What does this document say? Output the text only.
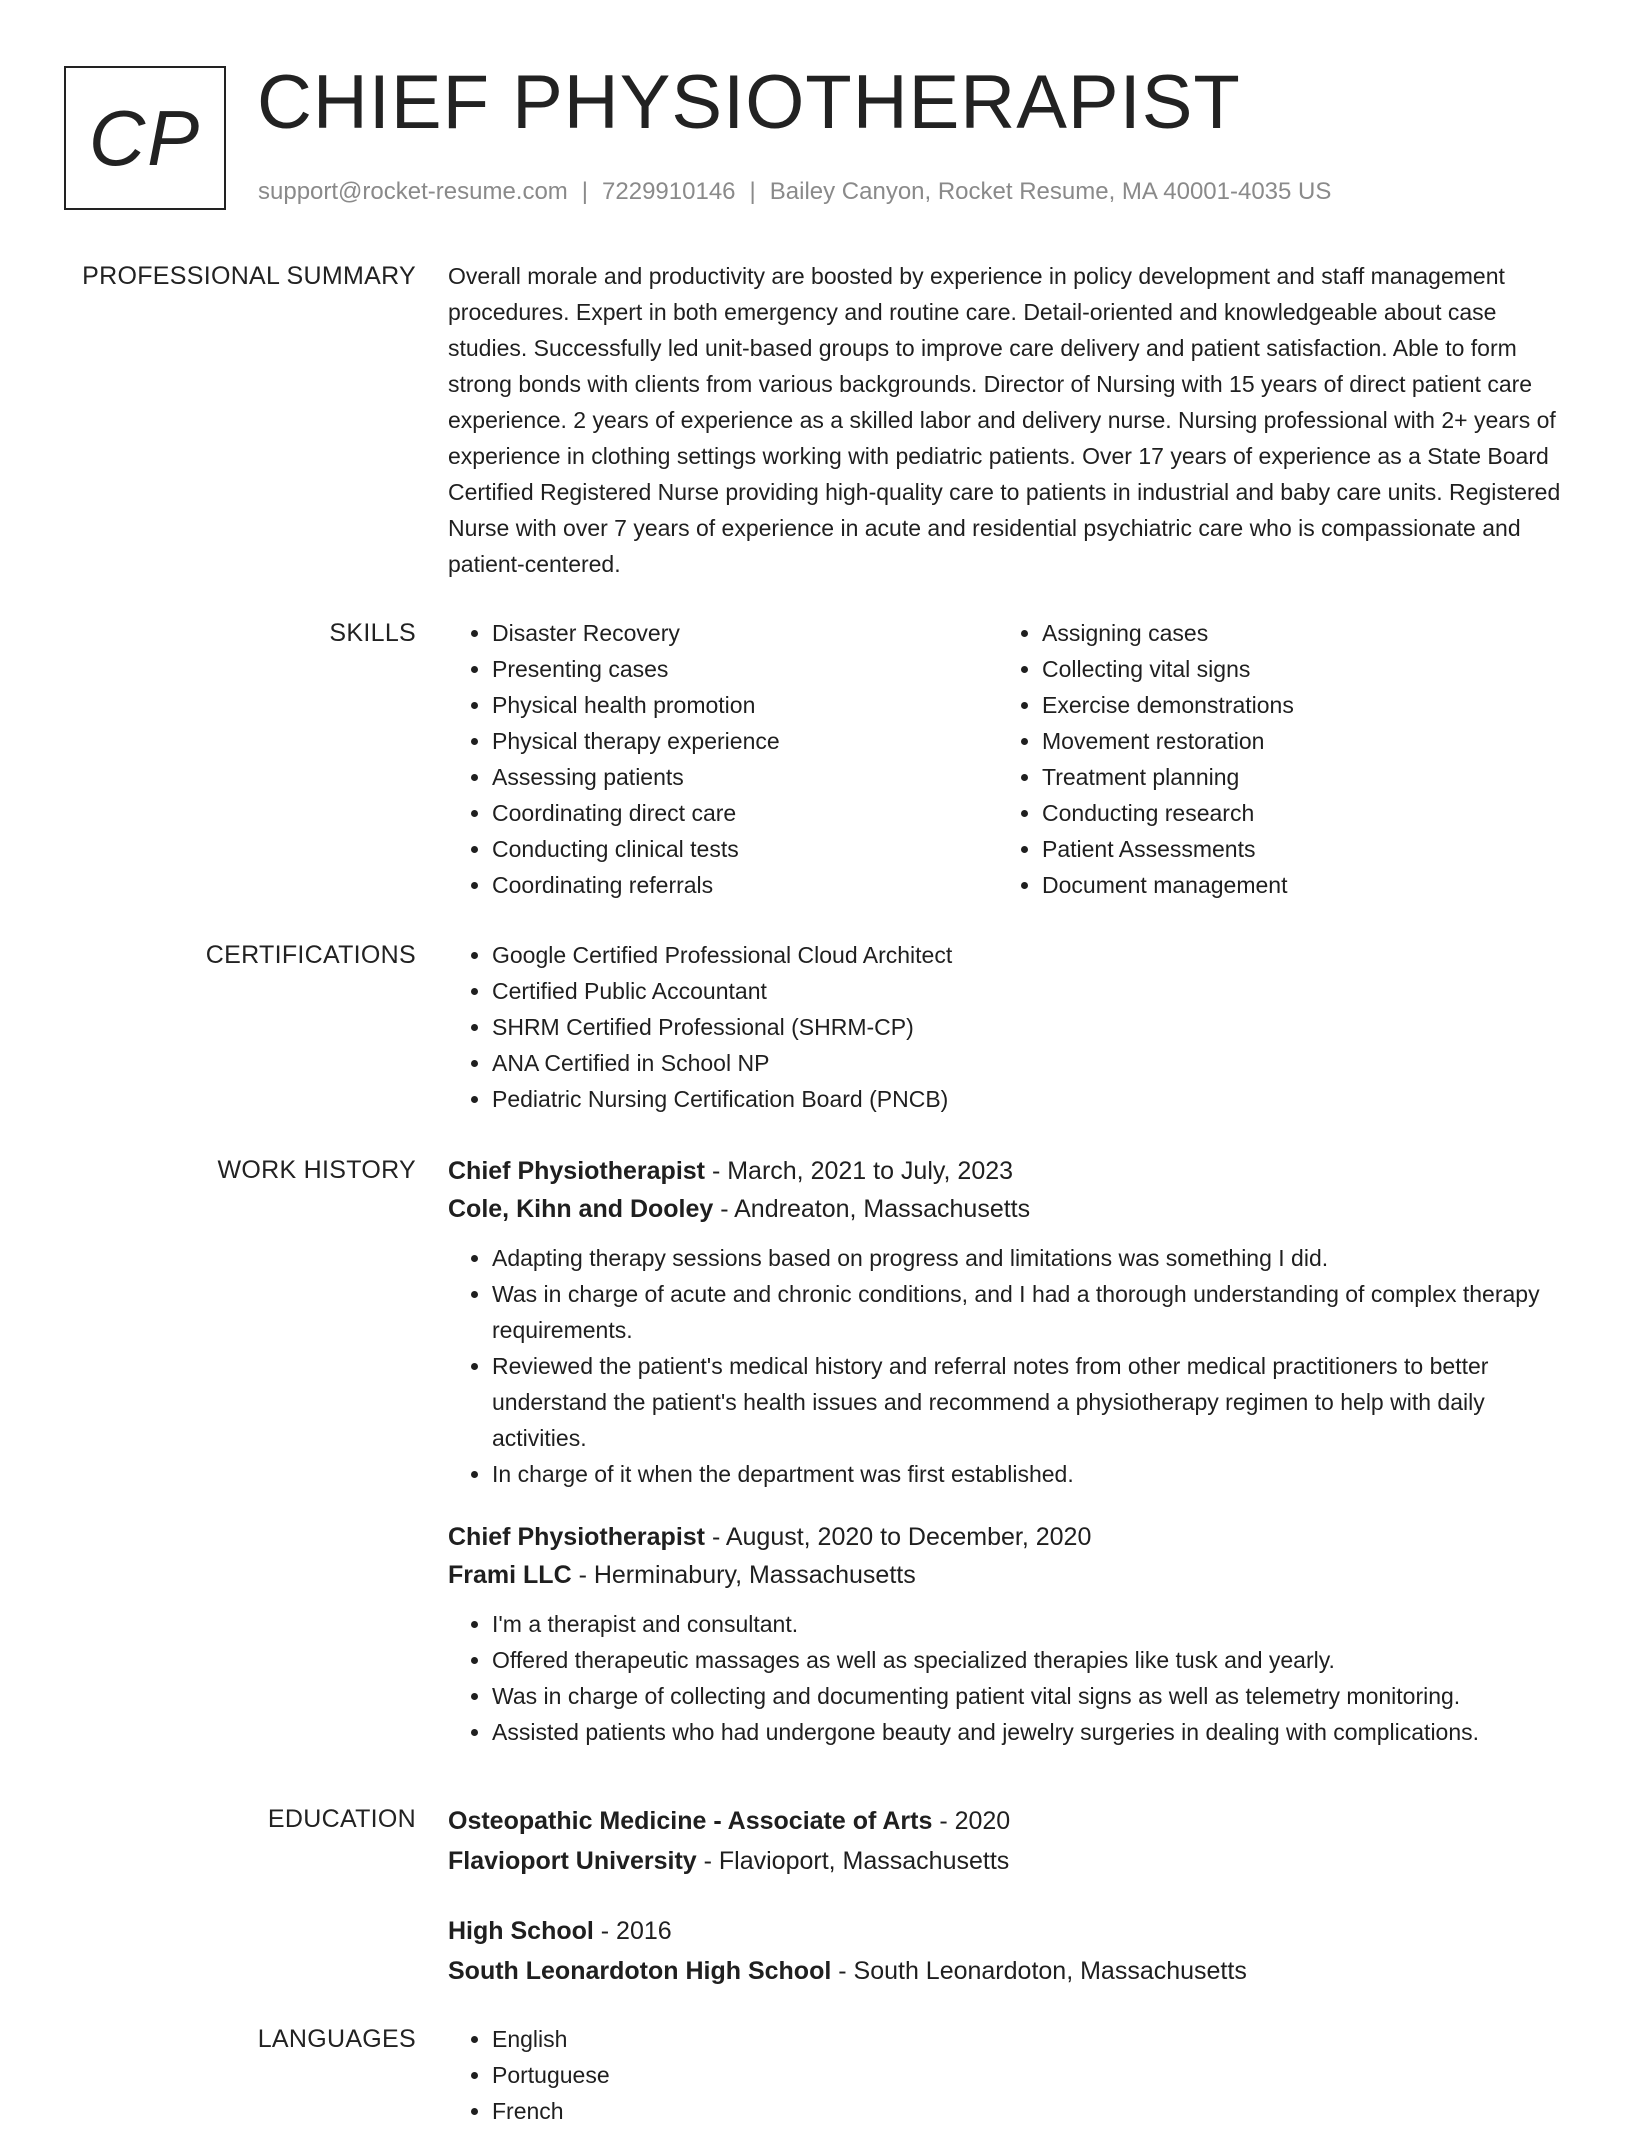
CP CHIEF PHYSIOTHERAPIST
support@rocket-resume.com | 7229910146 | Bailey Canyon, Rocket Resume, MA 40001-4035 US
PROFESSIONAL SUMMARY Overall morale and productivity are boosted by experience in policy development and staff management procedures. Expert in both emergency and routine care. Detail-oriented and knowledgeable about case studies. Successfully led unit-based groups to improve care delivery and patient satisfaction. Able to form strong bonds with clients from various backgrounds. Director of Nursing with 15 years of direct patient care experience. 2 years of experience as a skilled labor and delivery nurse. Nursing professional with 2+ years of experience in clothing settings working with pediatric patients. Over 17 years of experience as a State Board Certified Registered Nurse providing high-quality care to patients in industrial and baby care units. Registered Nurse with over 7 years of experience in acute and residential psychiatric care who is compassionate and patient-centered.

SKILLS	• Disaster Recovery
• Presenting cases
• Physical health promotion
• Physical therapy experience
• Assessing patients
• Coordinating direct care
• Conducting clinical tests
• Coordinating referrals
• Assigning cases
• Collecting vital signs
• Exercise demonstrations
• Movement restoration
• Treatment planning
• Conducting research
• Patient Assessments
• Document management
CERTIFICATIONS	• Google Certified Professional Cloud Architect
• Certified Public Accountant
• SHRM Certified Professional (SHRM-CP)
• ANA Certified in School NP
• Pediatric Nursing Certification Board (PNCB)
WORK HISTORY Chief Physiotherapist - March, 2021 to July, 2023
Cole, Kihn and Dooley - Andreaton, Massachusetts
• Adapting therapy sessions based on progress and limitations was something I did.
• Was in charge of acute and chronic conditions, and I had a thorough understanding of complex therapy requirements.
• Reviewed the patient's medical history and referral notes from other medical practitioners to better understand the patient's health issues and recommend a physiotherapy regimen to help with daily activities.
• In charge of it when the department was first established.
Chief Physiotherapist - August, 2020 to December, 2020
Frami LLC - Herminabury, Massachusetts
• I'm a therapist and consultant.
• Offered therapeutic massages as well as specialized therapies like tusk and yearly.
• Was in charge of collecting and documenting patient vital signs as well as telemetry monitoring.
• Assisted patients who had undergone beauty and jewelry surgeries in dealing with complications.
EDUCATION Osteopathic Medicine - Associate of Arts - 2020
Flavioport University - Flavioport, Massachusetts
High School - 2016
South Leonardoton High School - South Leonardoton, Massachusetts
LANGUAGES	• English
• Portuguese
• French
